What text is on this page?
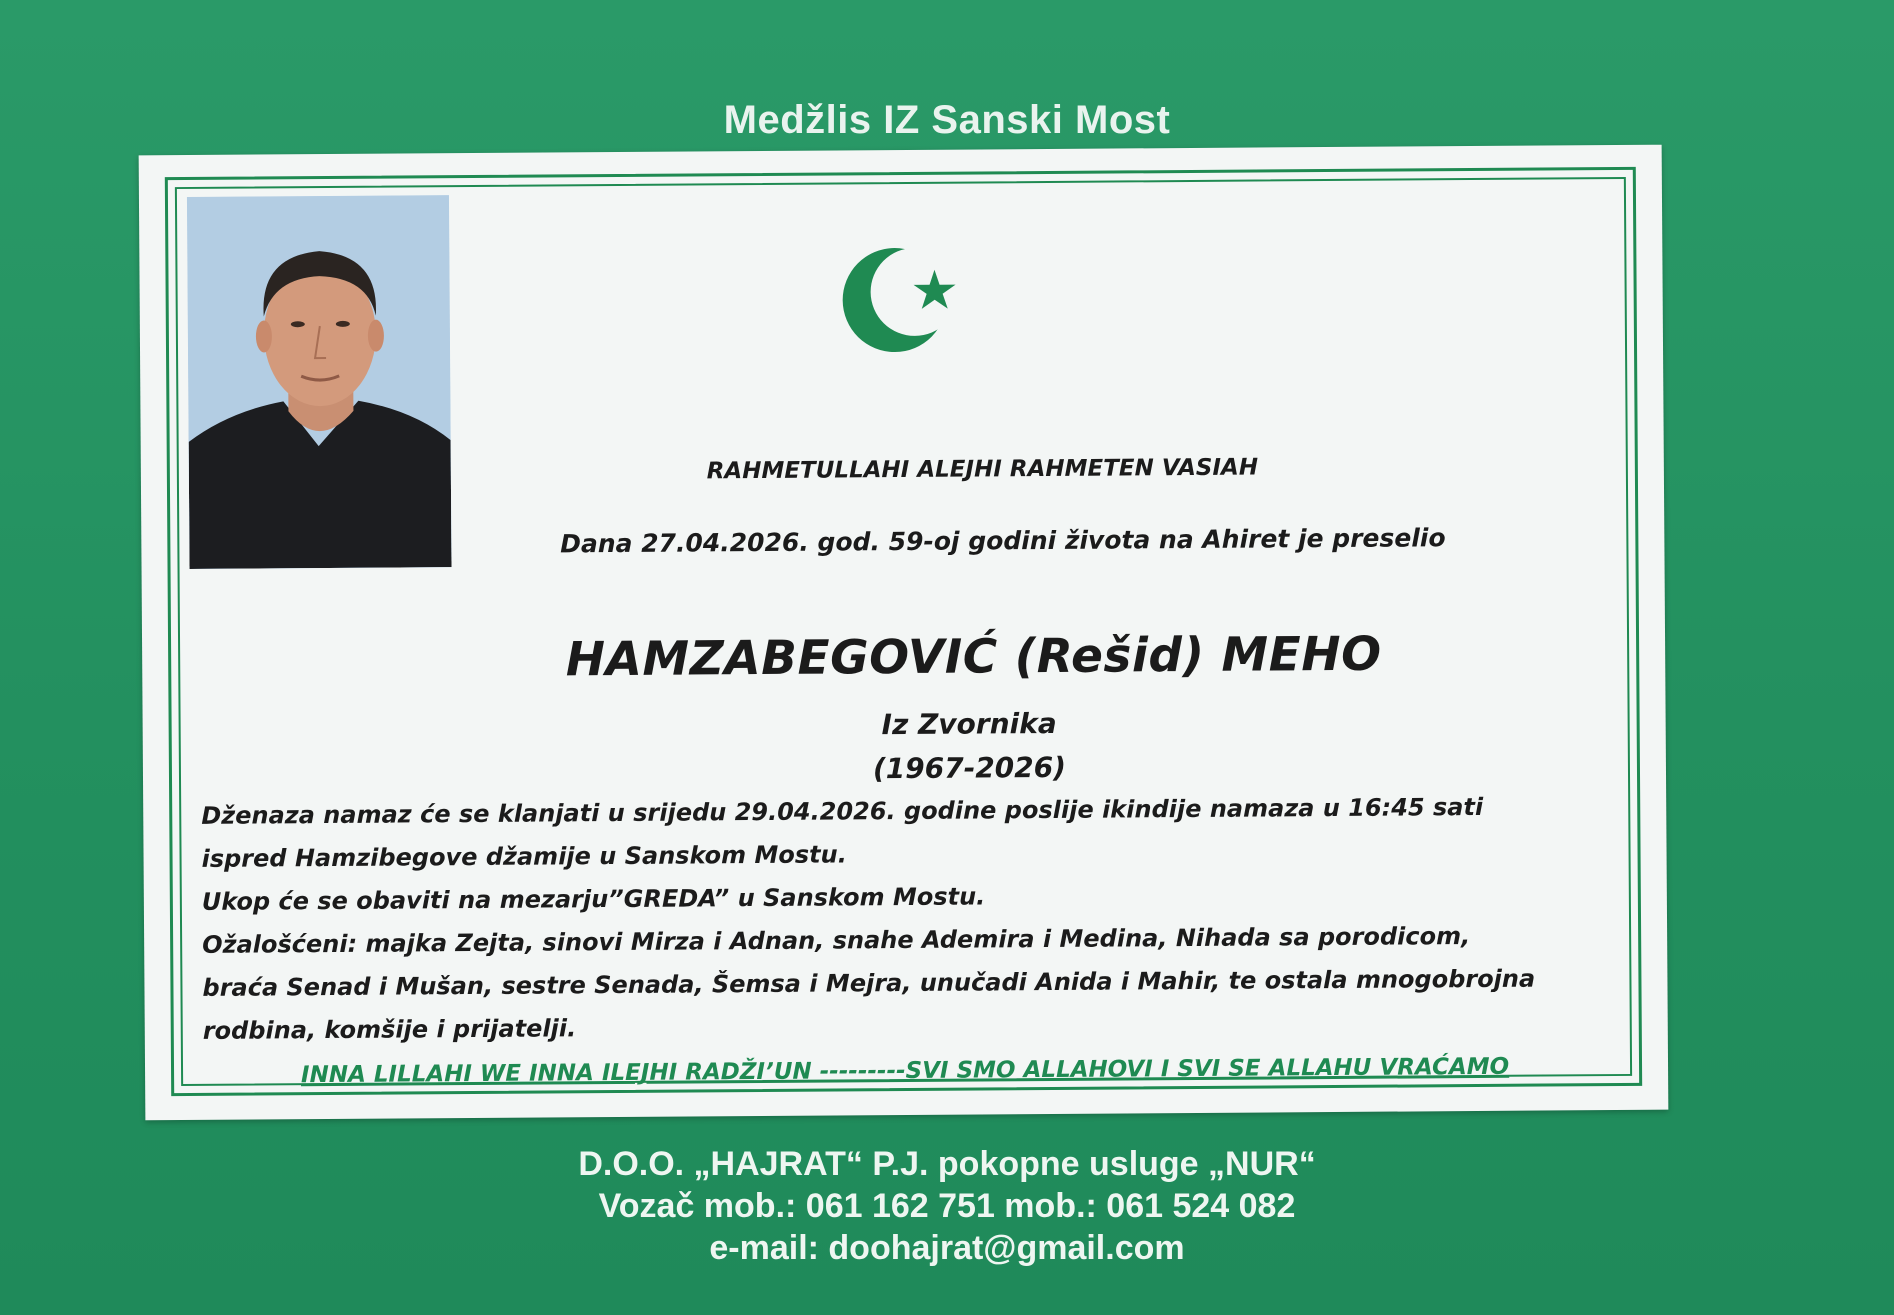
Medžlis IZ Sanski Most
RAHMETULLAHI ALEJHI RAHMETEN VASIAH
Dana 27.04.2026. god. 59-oj godini života na Ahiret je preselio
HAMZABEGOVIĆ (Rešid) MEHO
Iz Zvornika
(1967-2026)
Dženaza namaz će se klanjati u srijedu 29.04.2026. godine poslije ikindije namaza u 16:45 sati
ispred Hamzibegove džamije u Sanskom Mostu.
Ukop će se obaviti na mezarju”GREDA” u Sanskom Mostu.
Ožalošćeni: majka Zejta, sinovi Mirza i Adnan, snahe Ademira i Medina, Nihada sa porodicom,
braća Senad i Mušan, sestre Senada, Šemsa i Mejra, unučadi Anida i Mahir, te ostala mnogobrojna
rodbina, komšije i prijatelji.
INNA LILLAHI WE INNA ILEJHI RADŽI’UN ---------SVI SMO ALLAHOVI I SVI SE ALLAHU VRAĆAMO
D.O.O. „HAJRAT“ P.J. pokopne usluge „NUR“
Vozač mob.: 061 162 751 mob.: 061 524 082
e-mail: doohajrat@gmail.com
